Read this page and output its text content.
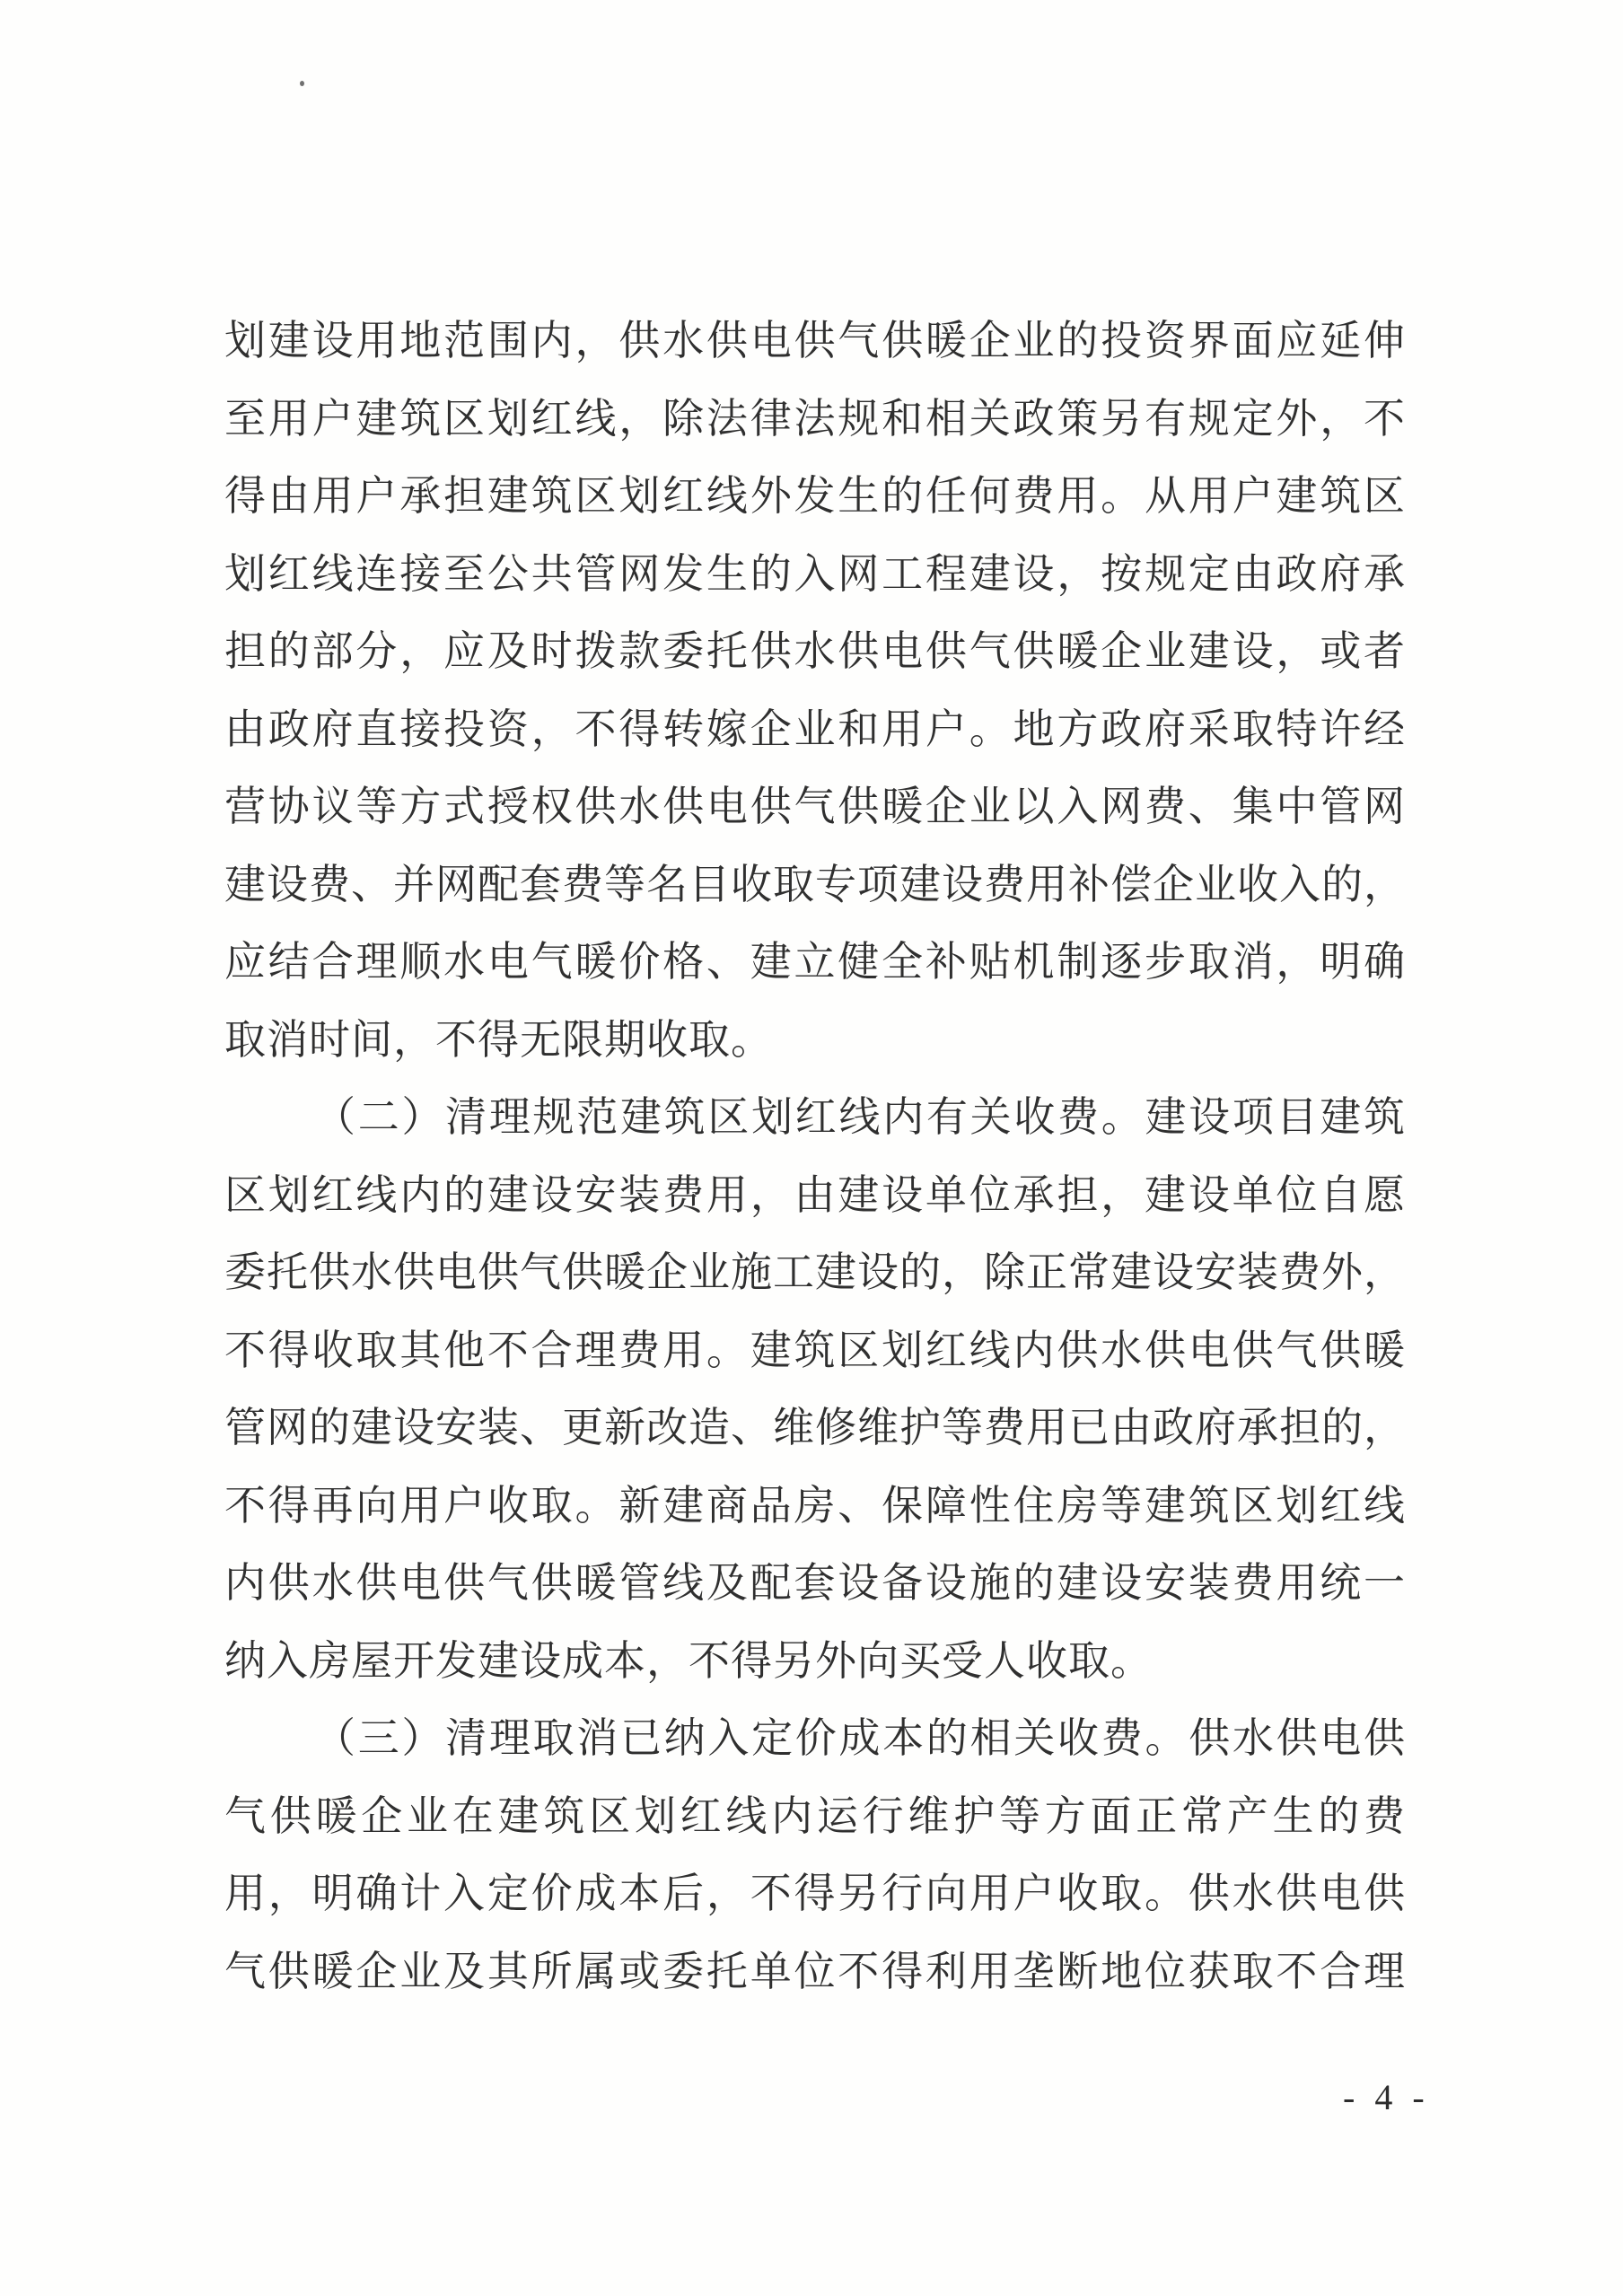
划建设用地范围内，供水供电供气供暖企业的投资界面应延伸
至用户建筑区划红线，除法律法规和相关政策另有规定外，不
得由用户承担建筑区划红线外发生的任何费用。从用户建筑区
划红线连接至公共管网发生的入网工程建设，按规定由政府承
担的部分，应及时拨款委托供水供电供气供暖企业建设，或者
由政府直接投资，不得转嫁企业和用户。地方政府采取特许经
营协议等方式授权供水供电供气供暖企业以入网费、集中管网
建设费、并网配套费等名目收取专项建设费用补偿企业收入的，
应结合理顺水电气暖价格、建立健全补贴机制逐步取消，明确
取消时间，不得无限期收取。
（二）清理规范建筑区划红线内有关收费。建设项目建筑
区划红线内的建设安装费用，由建设单位承担，建设单位自愿
委托供水供电供气供暖企业施工建设的，除正常建设安装费外，
不得收取其他不合理费用。建筑区划红线内供水供电供气供暖
管网的建设安装、更新改造、维修维护等费用已由政府承担的，
不得再向用户收取。新建商品房、保障性住房等建筑区划红线
内供水供电供气供暖管线及配套设备设施的建设安装费用统一
纳入房屋开发建设成本，不得另外向买受人收取。
（三）清理取消已纳入定价成本的相关收费。供水供电供
气供暖企业在建筑区划红线内运行维护等方面正常产生的费
用，明确计入定价成本后，不得另行向用户收取。供水供电供
气供暖企业及其所属或委托单位不得利用垄断地位获取不合理
- 4 -
